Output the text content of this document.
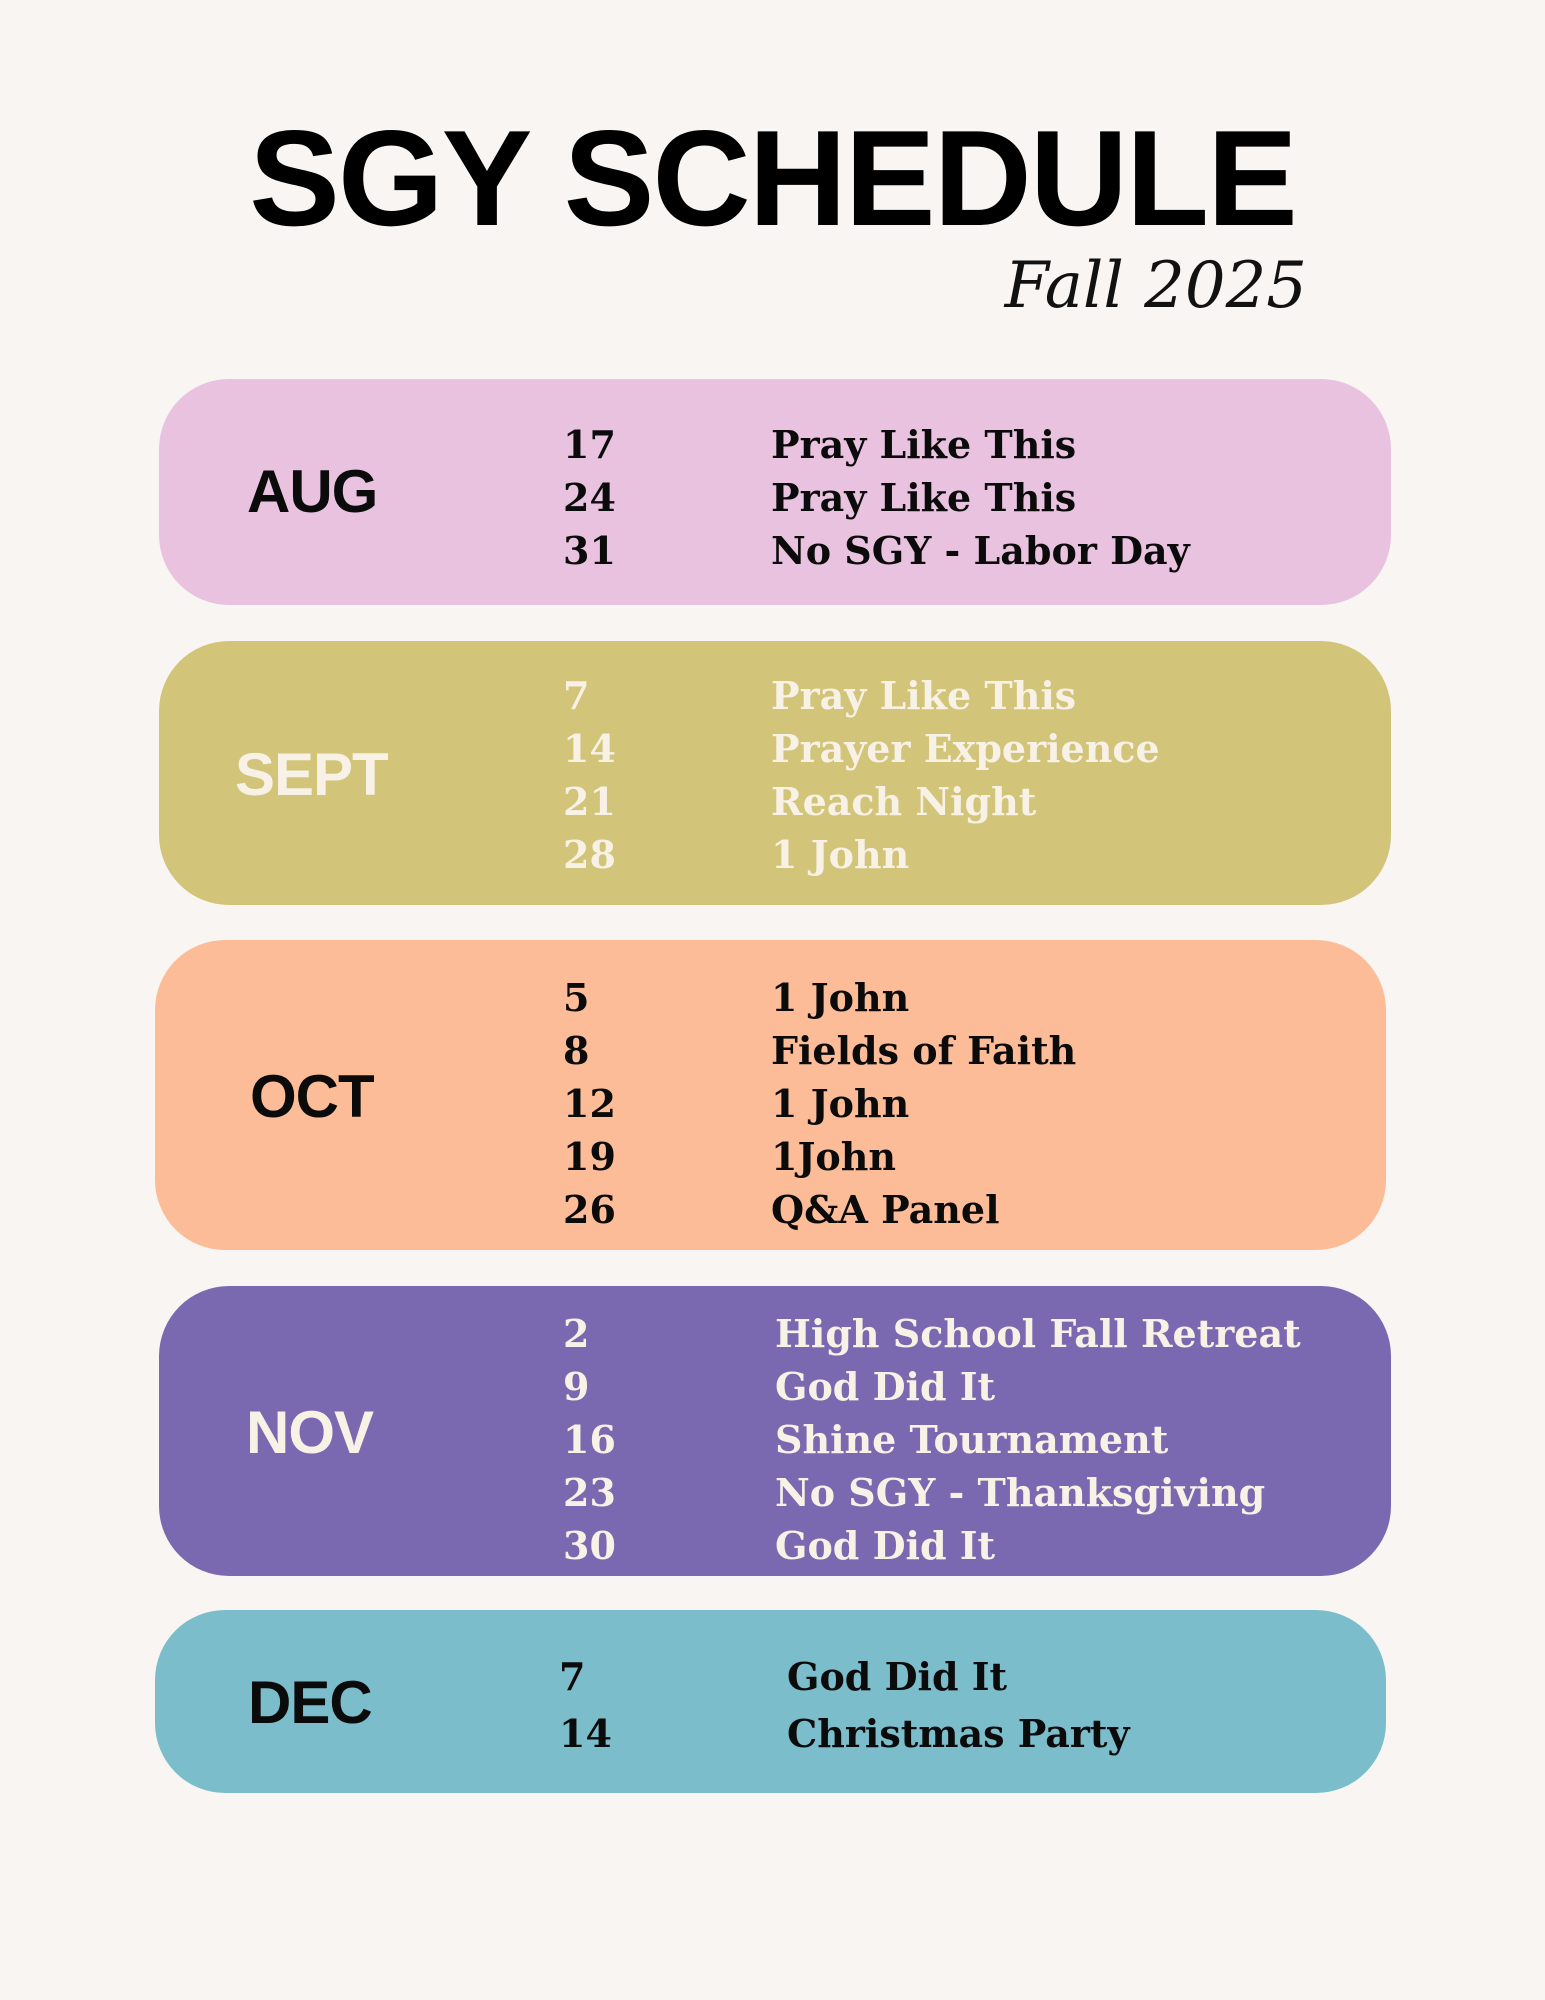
SGY SCHEDULE
Fall 2025
AUG
17	Pray Like This
24	Pray Like This
31	No SGY - Labor Day
SEPT
7	Pray Like This
14	Prayer Experience
21	Reach Night
28	1 John
OCT
5	1 John
8	Fields of Faith
12	1 John
19	1John
26	Q&A Panel
NOV
2	High School Fall Retreat
9	God Did It
16	Shine Tournament
23	No SGY - Thanksgiving
30	God Did It
DEC	7	God Did It
14	Christmas Party
